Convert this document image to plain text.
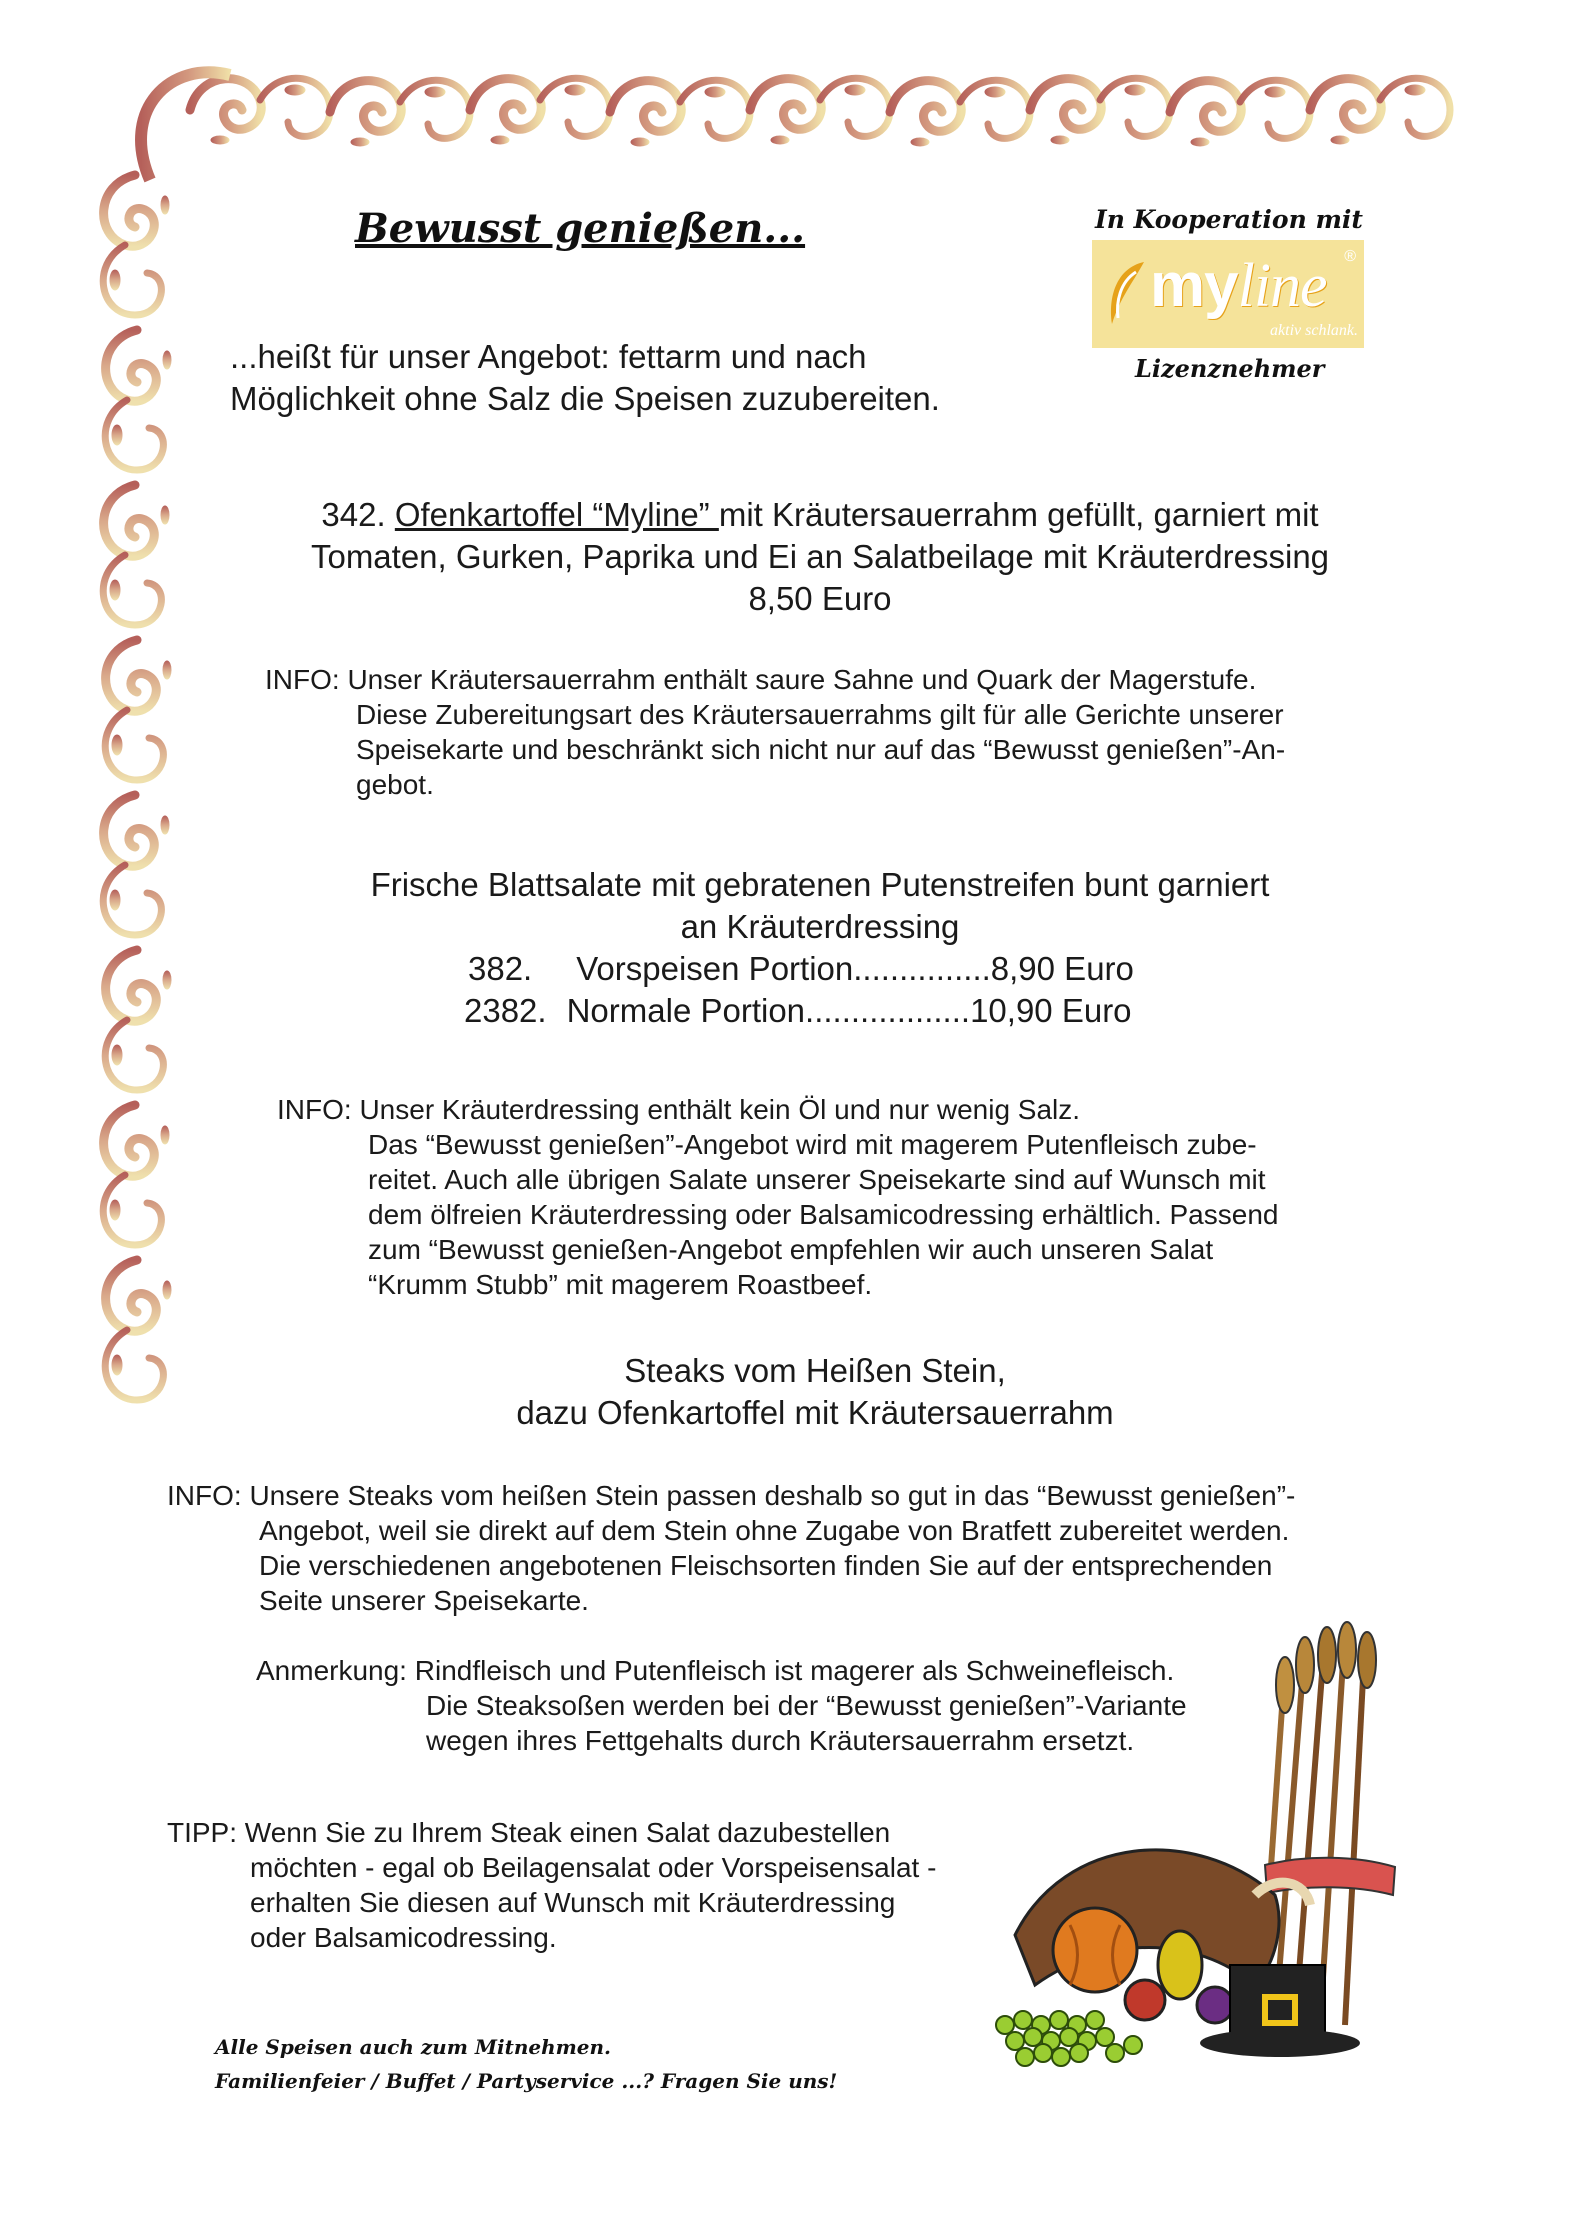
Bewusst genießen...	In Kooperation mit
myline ®
aktiv schlank.
Lizenznehmer
...heißt für unser Angebot: fettarm und nach
Möglichkeit ohne Salz die Speisen zuzubereiten.
342. Ofenkartoffel “Myline” mit Kräutersauerrahm gefüllt, garniert mit
Tomaten, Gurken, Paprika und Ei an Salatbeilage mit Kräuterdressing
8,50 Euro
INFO: Unser Kräutersauerrahm enthält saure Sahne und Quark der Magerstufe.
Diese Zubereitungsart des Kräutersauerrahms gilt für alle Gerichte unserer
Speisekarte und beschränkt sich nicht nur auf das “Bewusst genießen”-An-
gebot.
Frische Blattsalate mit gebratenen Putenstreifen bunt garniert
an Kräuterdressing
382. Vorspeisen Portion...............8,90 Euro
2382. Normale Portion..................10,90 Euro
INFO: Unser Kräuterdressing enthält kein Öl und nur wenig Salz.
Das “Bewusst genießen”-Angebot wird mit magerem Putenfleisch zube-
reitet. Auch alle übrigen Salate unserer Speisekarte sind auf Wunsch mit
dem ölfreien Kräuterdressing oder Balsamicodressing erhältlich. Passend
zum “Bewusst genießen-Angebot empfehlen wir auch unseren Salat
“Krumm Stubb” mit magerem Roastbeef.
Steaks vom Heißen Stein,
dazu Ofenkartoffel mit Kräutersauerrahm
INFO: Unsere Steaks vom heißen Stein passen deshalb so gut in das “Bewusst genießen”-
Angebot, weil sie direkt auf dem Stein ohne Zugabe von Bratfett zubereitet werden.
Die verschiedenen angebotenen Fleischsorten finden Sie auf der entsprechenden
Seite unserer Speisekarte.
Anmerkung: Rindfleisch und Putenfleisch ist magerer als Schweinefleisch.
Die Steaksoßen werden bei der “Bewusst genießen”-Variante
wegen ihres Fettgehalts durch Kräutersauerrahm ersetzt.
TIPP: Wenn Sie zu Ihrem Steak einen Salat dazubestellen
möchten - egal ob Beilagensalat oder Vorspeisensalat -
erhalten Sie diesen auf Wunsch mit Kräuterdressing
oder Balsamicodressing.
Alle Speisen auch zum Mitnehmen.
Familienfeier / Buffet / Partyservice ...? Fragen Sie uns!
